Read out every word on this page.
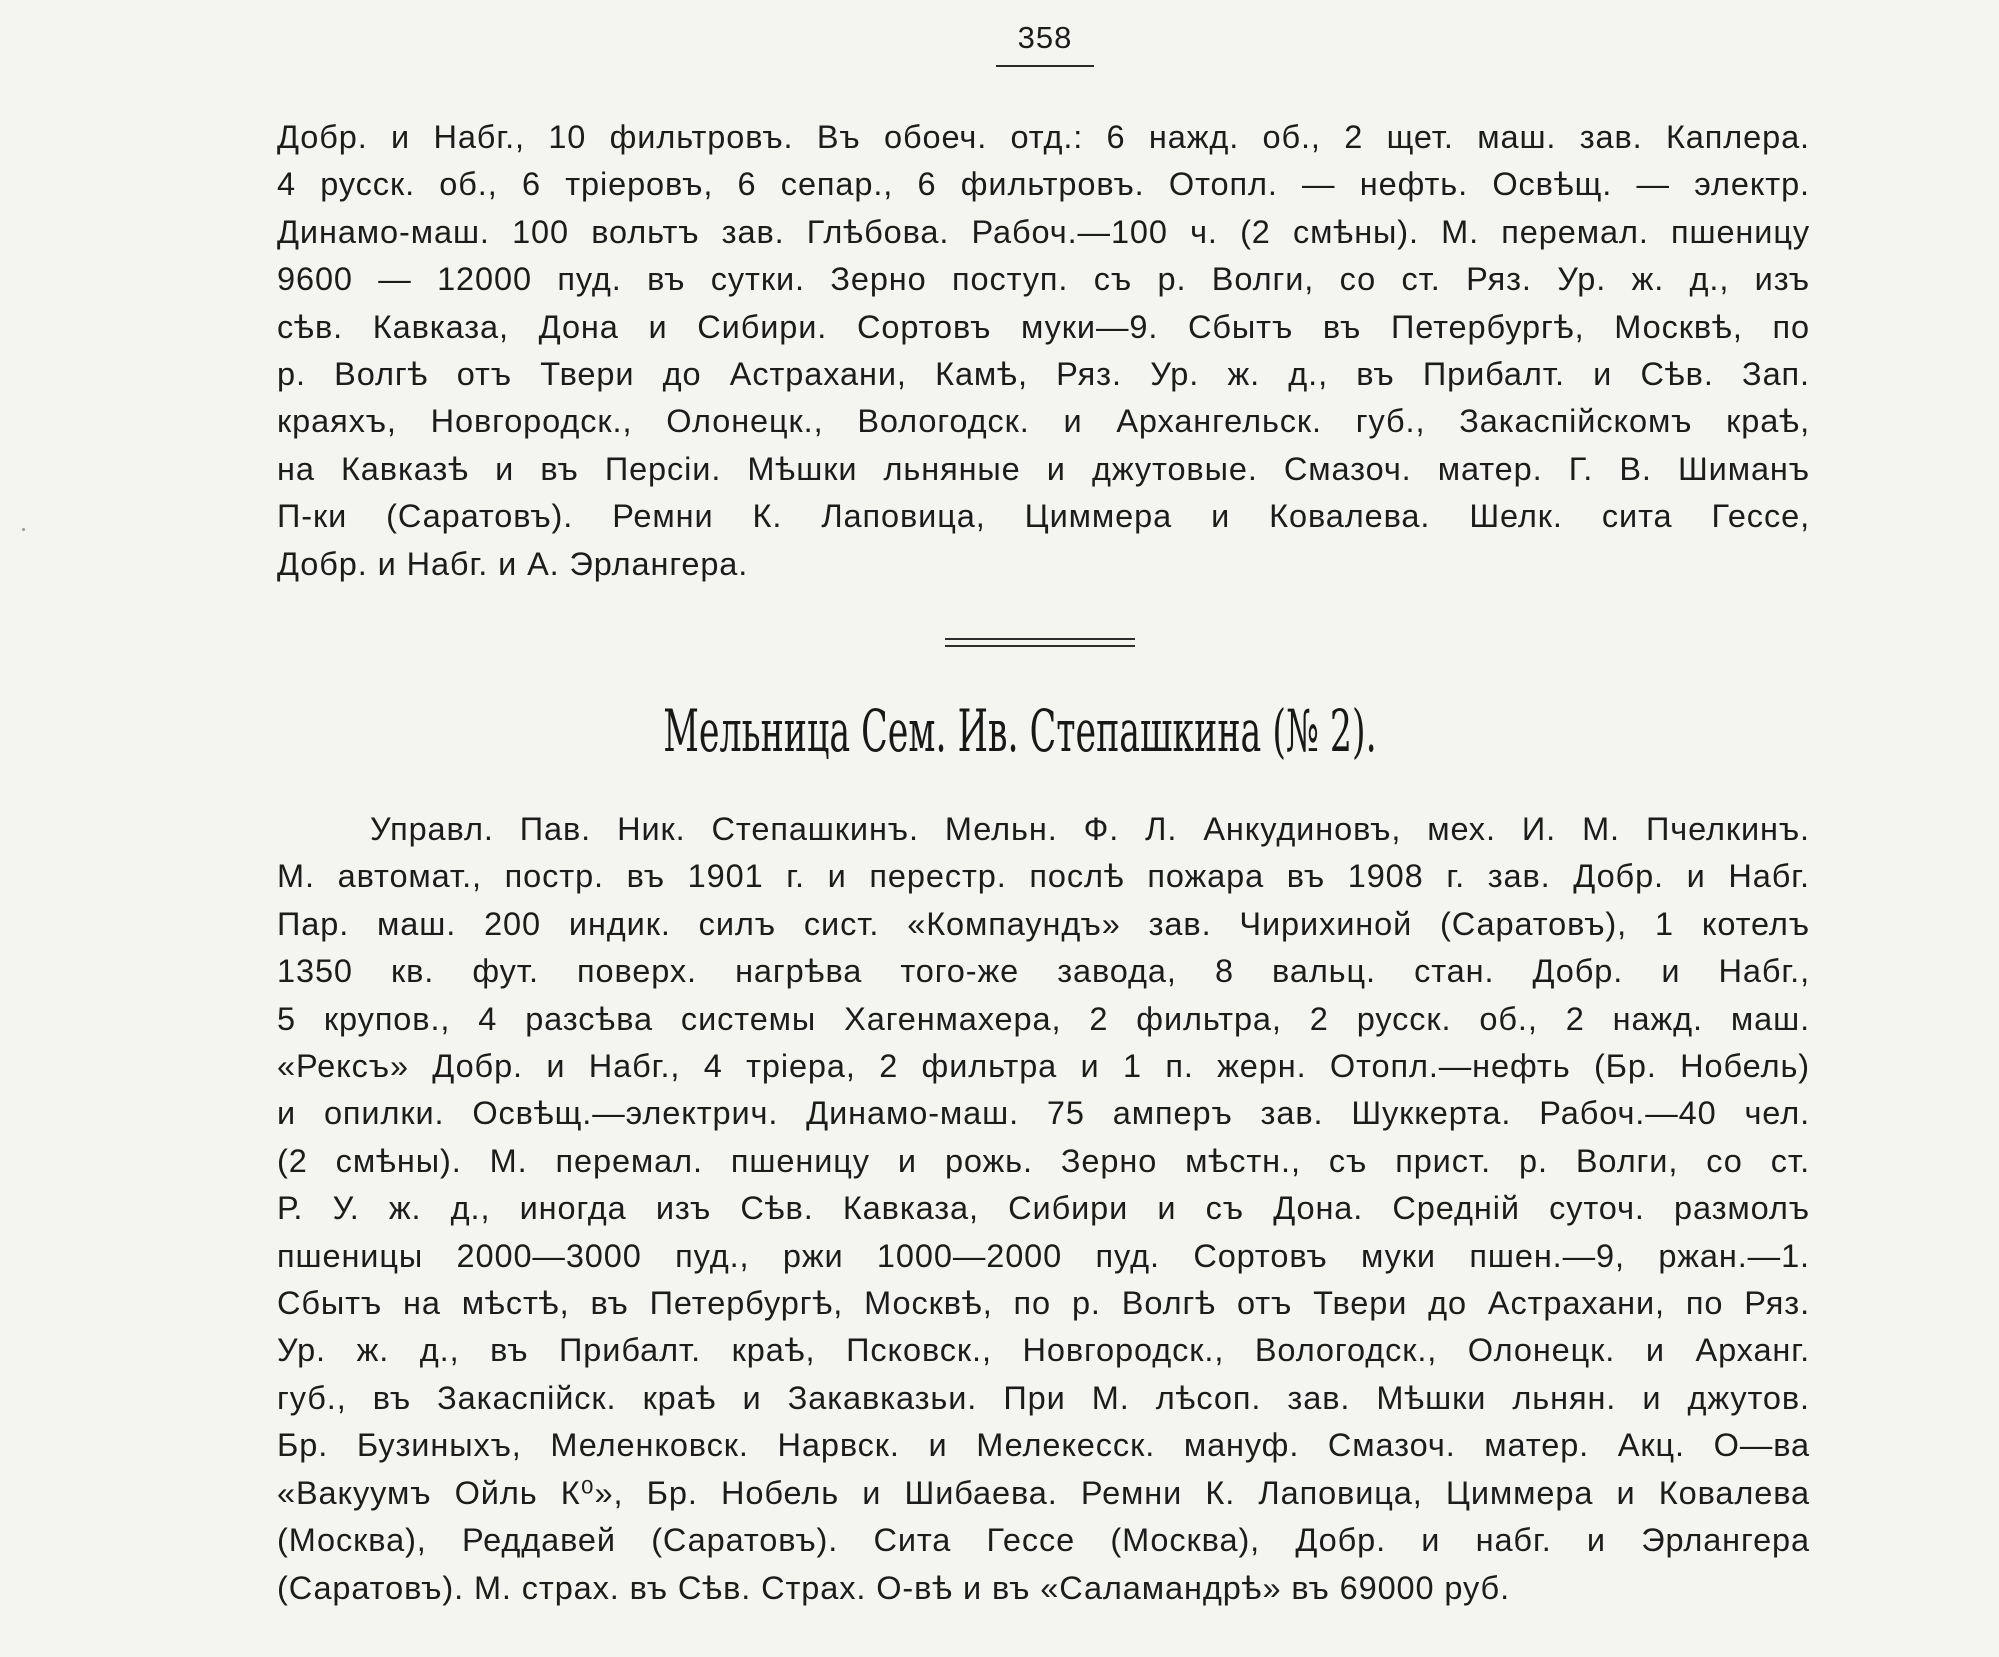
358
Добр. и Набг., 10 фильтровъ. Въ обоеч. отд.: 6 нажд. об., 2 щет. маш. зав. Каплера.
4 русск. об., 6 тріеровъ, 6 сепар., 6 фильтровъ. Отопл. — нефть. Освѣщ. — электр.
Динамо-маш. 100 вольтъ зав. Глѣбова. Рабоч.—100 ч. (2 смѣны). М. перемал. пшеницу
9600 — 12000 пуд. въ сутки. Зерно поступ. съ р. Волги, со ст. Ряз. Ур. ж. д., изъ
сѣв. Кавказа, Дона и Сибири. Сортовъ муки—9. Сбытъ въ Петербургѣ, Москвѣ, по
р. Волгѣ отъ Твери до Астрахани, Камѣ, Ряз. Ур. ж. д., въ Прибалт. и Сѣв. Зап.
краяхъ, Новгородск., Олонецк., Вологодск. и Архангельск. губ., Закаспійскомъ краѣ,
на Кавказѣ и въ Персіи. Мѣшки льняные и джутовые. Смазоч. матер. Г. В. Шиманъ
П-ки (Саратовъ). Ремни К. Лаповица, Циммера и Ковалева. Шелк. сита Гессе,
Добр. и Набг. и А. Эрлангера.
Мельница Сем. Ив. Степашкина (№ 2).
Управл. Пав. Ник. Степашкинъ. Мельн. Ф. Л. Анкудиновъ, мех. И. М. Пчелкинъ.
М. автомат., постр. въ 1901 г. и перестр. послѣ пожара въ 1908 г. зав. Добр. и Набг.
Пар. маш. 200 индик. силъ сист. «Компаундъ» зав. Чирихиной (Саратовъ), 1 котелъ
1350 кв. фут. поверх. нагрѣва того-же завода, 8 вальц. стан. Добр. и Набг.,
5 крупов., 4 разсѣва системы Хагенмахера, 2 фильтра, 2 русск. об., 2 нажд. маш.
«Рексъ» Добр. и Набг., 4 тріера, 2 фильтра и 1 п. жерн. Отопл.—нефть (Бр. Нобель)
и опилки. Освѣщ.—электрич. Динамо-маш. 75 амперъ зав. Шуккерта. Рабоч.—40 чел.
(2 смѣны). М. перемал. пшеницу и рожь. Зерно мѣстн., съ прист. р. Волги, со ст.
Р. У. ж. д., иногда изъ Сѣв. Кавказа, Сибири и съ Дона. Среднiй суточ. размолъ
пшеницы 2000—3000 пуд., ржи 1000—2000 пуд. Сортовъ муки пшен.—9, ржан.—1.
Сбытъ на мѣстѣ, въ Петербургѣ, Москвѣ, по р. Волгѣ отъ Твери до Астрахани, по Ряз.
Ур. ж. д., въ Прибалт. краѣ, Псковск., Новгородск., Вологодск., Олонецк. и Арханг.
губ., въ Закаспійск. краѣ и Закавказьи. При М. лѣсоп. зав. Мѣшки льнян. и джутов.
Бр. Бузиныхъ, Меленковск. Нарвск. и Мелекесск. мануф. Смазоч. матер. Акц. О—ва
«Вакуумъ Ойль К⁰», Бр. Нобель и Шибаева. Ремни К. Лаповица, Циммера и Ковалева
(Москва), Реддавей (Саратовъ). Сита Гессе (Москва), Добр. и набг. и Эрлангера
(Саратовъ). М. страх. въ Сѣв. Страх. О-вѣ и въ «Саламандрѣ» въ 69000 руб.
